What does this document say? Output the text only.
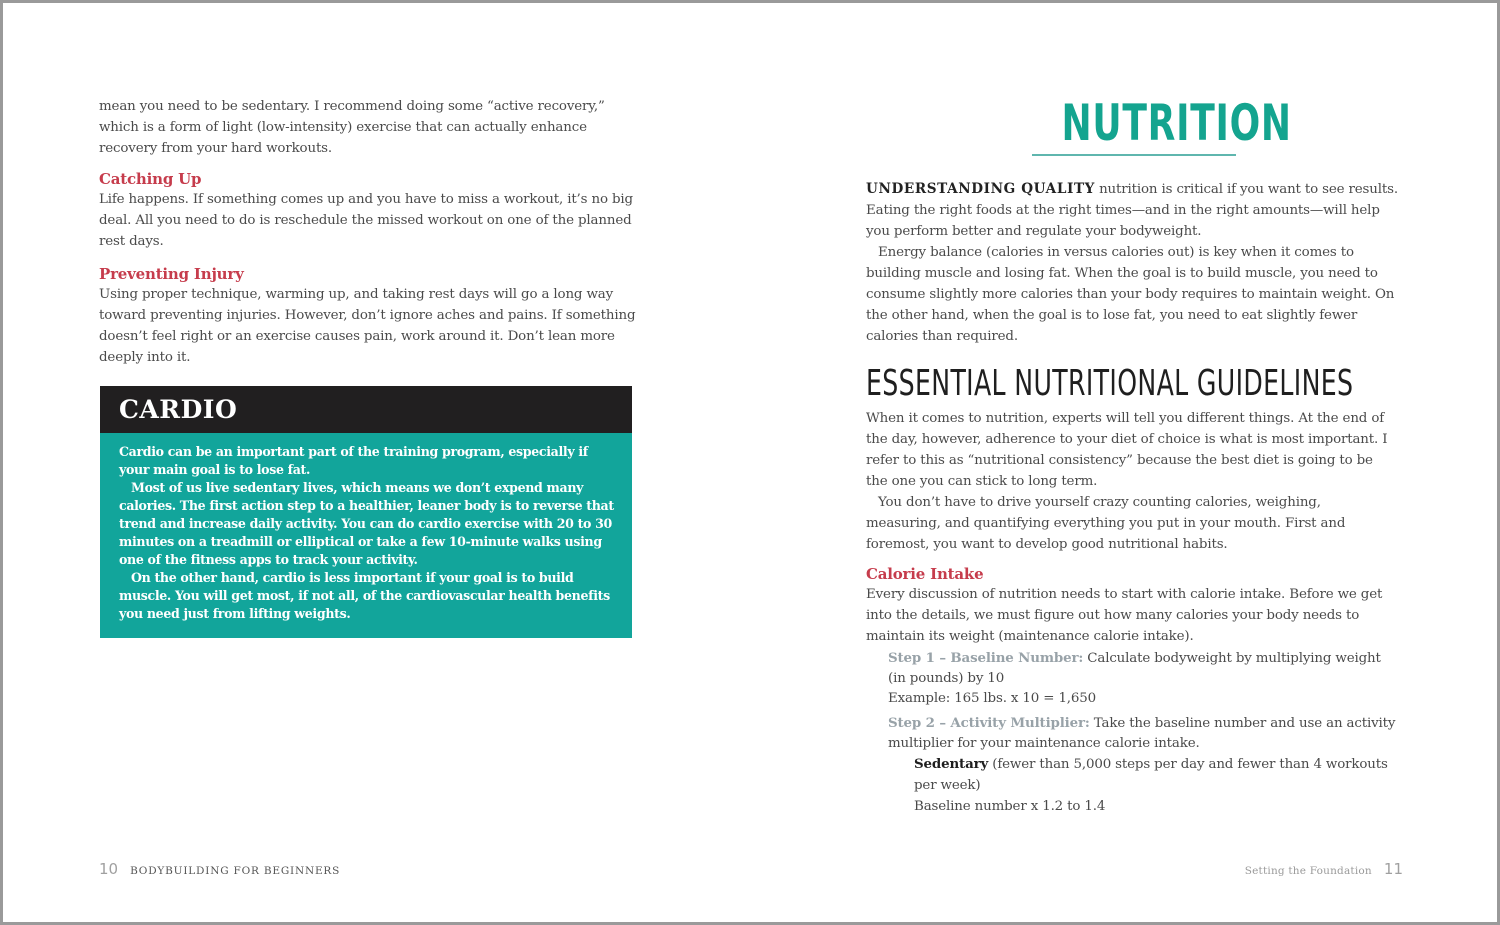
mean you need to be sedentary. I recommend doing some “active recovery,” which is a form of light (low-intensity) exercise that can actually enhance recovery from your hard workouts.

Catching Up

Life happens. If something comes up and you have to miss a workout, it’s no big deal. All you need to do is reschedule the missed workout on one of the planned rest days.

Preventing Injury

Using proper technique, warming up, and taking rest days will go a long way toward preventing injuries. However, don’t ignore aches and pains. If something doesn’t feel right or an exercise causes pain, work around it. Don’t lean more deeply into it.

CARDIO

Cardio can be an important part of the training program, especially if your main goal is to lose fat.

Most of us live sedentary lives, which means we don’t expend many calories. The first action step to a healthier, leaner body is to reverse that trend and increase daily activity. You can do cardio exercise with 20 to 30 minutes on a treadmill or elliptical or take a few 10-minute walks using one of the fitness apps to track your activity.

On the other hand, cardio is less important if your goal is to build muscle. You will get most, if not all, of the cardiovascular health benefits you need just from lifting weights.

10 BODYBUILDING FOR BEGINNERS
NUTRITION

UNDERSTANDING QUALITY nutrition is critical if you want to see results. Eating the right foods at the right times—and in the right amounts—will help you perform better and regulate your bodyweight.

Energy balance (calories in versus calories out) is key when it comes to building muscle and losing fat. When the goal is to build muscle, you need to consume slightly more calories than your body requires to maintain weight. On the other hand, when the goal is to lose fat, you need to eat slightly fewer calories than required.

ESSENTIAL NUTRITIONAL GUIDELINES

When it comes to nutrition, experts will tell you different things. At the end of the day, however, adherence to your diet of choice is what is most important. I refer to this as “nutritional consistency” because the best diet is going to be the one you can stick to long term.

You don’t have to drive yourself crazy counting calories, weighing, measuring, and quantifying everything you put in your mouth. First and foremost, you want to develop good nutritional habits.

Calorie Intake

Every discussion of nutrition needs to start with calorie intake. Before we get into the details, we must figure out how many calories your body needs to maintain its weight (maintenance calorie intake).

Step 1 – Baseline Number: Calculate bodyweight by multiplying weight (in pounds) by 10

Example: 165 lbs. x 10 = 1,650

Step 2 – Activity Multiplier: Take the baseline number and use an activity multiplier for your maintenance calorie intake.

Sedentary (fewer than 5,000 steps per day and fewer than 4 workouts per week)

Baseline number x 1.2 to 1.4

Setting the Foundation 11
